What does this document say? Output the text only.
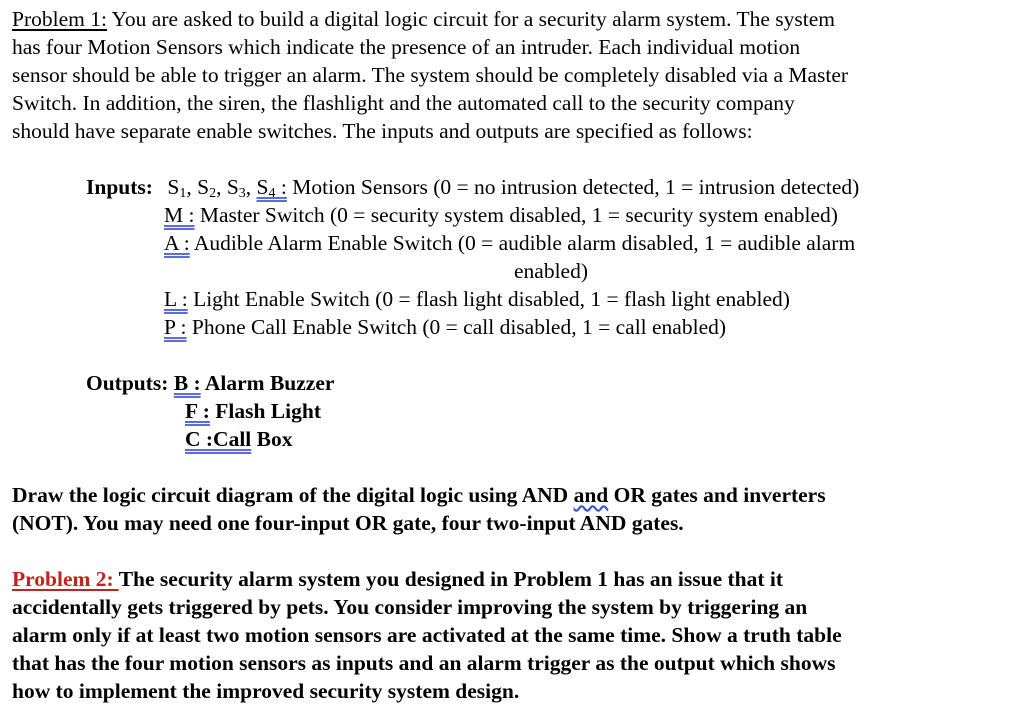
Problem 1: You are asked to build a digital logic circuit for a security alarm system. The system

has four Motion Sensors which indicate the presence of an intruder. Each individual motion

sensor should be able to trigger an alarm. The system should be completely disabled via a Master

Switch. In addition, the siren, the flashlight and the automated call to the security company

should have separate enable switches. The inputs and outputs are specified as follows:

Inputs: $S_1$, $S_2$, $S_3$, $S_4$ : Motion Sensors (0 = no intrusion detected, 1 = intrusion detected)
M : Master Switch (0 = security system disabled, 1 = security system enabled)
A : Audible Alarm Enable Switch (0 = audible alarm disabled, 1 = audible alarm
enabled)
L : Light Enable Switch (0 = flash light disabled, 1 = flash light enabled)
P : Phone Call Enable Switch (0 = call disabled, 1 = call enabled)
Outputs: B : Alarm Buzzer
F : Flash Light
C :Call Box
Draw the logic circuit diagram of the digital logic using AND and OR gates and inverters
(NOT). You may need one four-input OR gate, four two-input AND gates.
Problem 2: The security alarm system you designed in Problem 1 has an issue that it
accidentally gets triggered by pets. You consider improving the system by triggering an
alarm only if at least two motion sensors are activated at the same time. Show a truth table
that has the four motion sensors as inputs and an alarm trigger as the output which shows
how to implement the improved security system design.
